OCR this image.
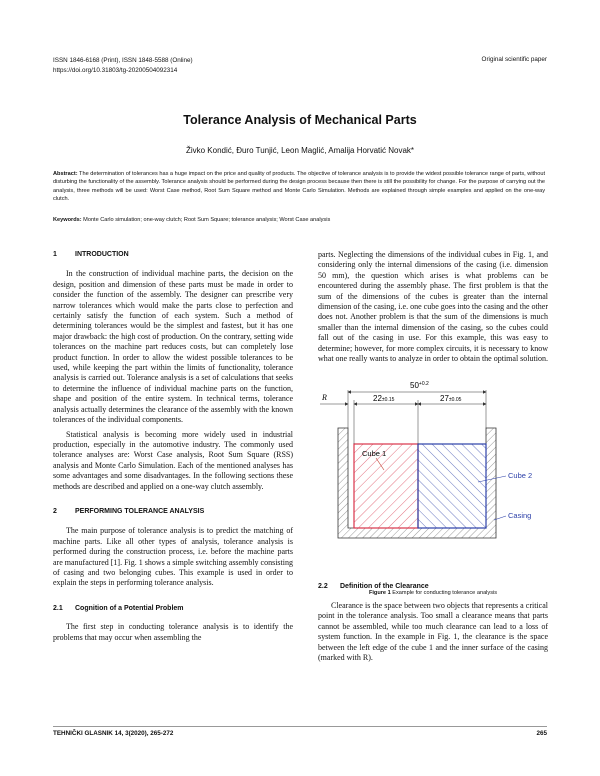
ISSN 1846-6168 (Print), ISSN 1848-5588 (Online)
https://doi.org/10.31803/tg-20200504092314
Original scientific paper
Tolerance Analysis of Mechanical Parts
Živko Kondić, Đuro Tunjić, Leon Maglić, Amalija Horvatić Novak*
Abstract: The determination of tolerances has a huge impact on the price and quality of products. The objective of tolerance analysis is to provide the widest possible tolerance range of parts, without disturbing the functionality of the assembly. Tolerance analysis should be performed during the design process because then there is still the possibility for change. For the purpose of carrying out the analysis, three methods will be used: Worst Case method, Root Sum Square method and Monte Carlo Simulation. Methods are explained through simple examples and applied on the one-way clutch.
Keywords: Monte Carlo simulation; one-way clutch; Root Sum Square; tolerance analysis; Worst Case analysis
1	INTRODUCTION

In the construction of individual machine parts, the decision on the design, position and dimension of these parts must be made in order to consider the function of the assembly. The designer can prescribe very narrow tolerances which would make the parts close to perfection and certainly satisfy the function of each system. Such a method of determining tolerances would be the simplest and fastest, but it has one major drawback: the high cost of production. On the contrary, setting wide tolerances on the machine part reduces costs, but can completely lose product function. In order to allow the widest possible tolerances to be used, while keeping the part within the limits of functionality, tolerance analysis is carried out. Tolerance analysis is a set of calculations that seeks to determine the influence of individual machine parts on the function, shape and position of the entire system. In technical terms, tolerance analysis actually determines the clearance of the assembly with the known tolerances of the individual components.

Statistical analysis is becoming more widely used in industrial production, especially in the automotive industry. The commonly used tolerance analyses are: Worst Case analysis, Root Sum Square (RSS) analysis and Monte Carlo Simulation. Each of the mentioned analyses has some advantages and some disadvantages. In the following sections these methods are described and applied on a one-way clutch assembly.

2	PERFORMING TOLERANCE ANALYSIS

The main purpose of tolerance analysis is to predict the matching of machine parts. Like all other types of analysis, tolerance analysis is performed during the construction process, i.e. before the machine parts are manufactured [1]. Fig. 1 shows a simple switching assembly consisting of casing and two belonging cubes. This example is used in order to explain the steps in performing tolerance analysis.

2.1 Cognition of a Potential Problem

The first step in conducting tolerance analysis is to identify the problems that may occur when assembling the

parts. Neglecting the dimensions of the individual cubes in Fig. 1, and considering only the internal dimensions of the casing (i.e. dimension 50 mm), the question which arises is what problems can be encountered during the assembly phase. The first problem is that the sum of the dimensions of the cubes is greater than the internal dimension of the casing, i.e. one cube goes into the casing and the other does not. Another problem is that the sum of the dimensions is much smaller than the internal dimension of the casing, so the cubes could fall out of the casing in use. For this example, this was easy to determine; however, for more complex circuits, it is necessary to know what one really wants to analyze in order to obtain the optimal solution.

$50^{+0.2}$
22±0.15	27±0.05
R
Cube 1
Cube 2
Casing
Figure 1 Example for conducting tolerance analysis
2.2 Definition of the Clearance

Clearance is the space between two objects that represents a critical point in the tolerance analysis. Too small a clearance means that parts cannot be assembled, while too much clearance can lead to a loss of system function. In the example in Fig. 1, the clearance is the space between the left edge of the cube 1 and the inner surface of the casing (marked with R).

TEHNIČKI GLASNIK 14, 3(2020), 265-272	265
